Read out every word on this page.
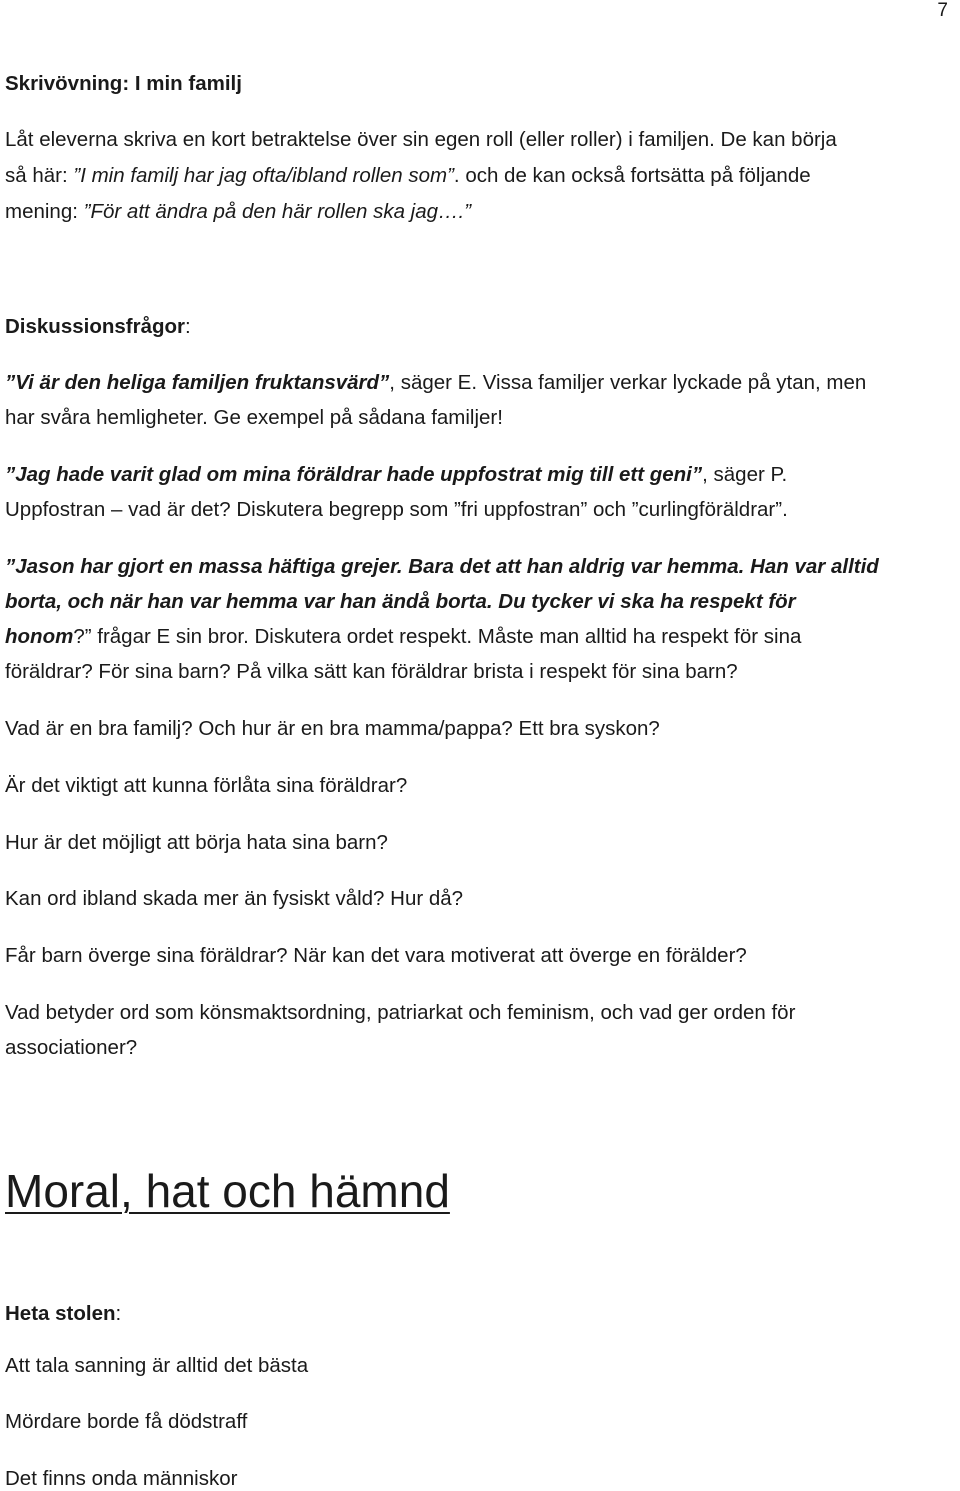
7
Skrivövning: I min familj
Låt eleverna skriva en kort betraktelse över sin egen roll (eller roller) i familjen. De kan börja
så här: ”I min familj har jag ofta/ibland rollen som”. och de kan också fortsätta på följande
mening: ”För att ändra på den här rollen ska jag….”
Diskussionsfrågor:
”Vi är den heliga familjen fruktansvärd”, säger E. Vissa familjer verkar lyckade på ytan, men
har svåra hemligheter. Ge exempel på sådana familjer!
”Jag hade varit glad om mina föräldrar hade uppfostrat mig till ett geni”, säger P.
Uppfostran – vad är det? Diskutera begrepp som ”fri uppfostran” och ”curlingföräldrar”.
”Jason har gjort en massa häftiga grejer. Bara det att han aldrig var hemma. Han var alltid
borta, och när han var hemma var han ändå borta. Du tycker vi ska ha respekt för
honom?” frågar E sin bror. Diskutera ordet respekt. Måste man alltid ha respekt för sina
föräldrar? För sina barn? På vilka sätt kan föräldrar brista i respekt för sina barn?
Vad är en bra familj? Och hur är en bra mamma/pappa? Ett bra syskon?
Är det viktigt att kunna förlåta sina föräldrar?
Hur är det möjligt att börja hata sina barn?
Kan ord ibland skada mer än fysiskt våld? Hur då?
Får barn överge sina föräldrar? När kan det vara motiverat att överge en förälder?
Vad betyder ord som könsmaktsordning, patriarkat och feminism, och vad ger orden för
associationer?
Moral, hat och hämnd
Heta stolen:
Att tala sanning är alltid det bästa
Mördare borde få dödstraff
Det finns onda människor
